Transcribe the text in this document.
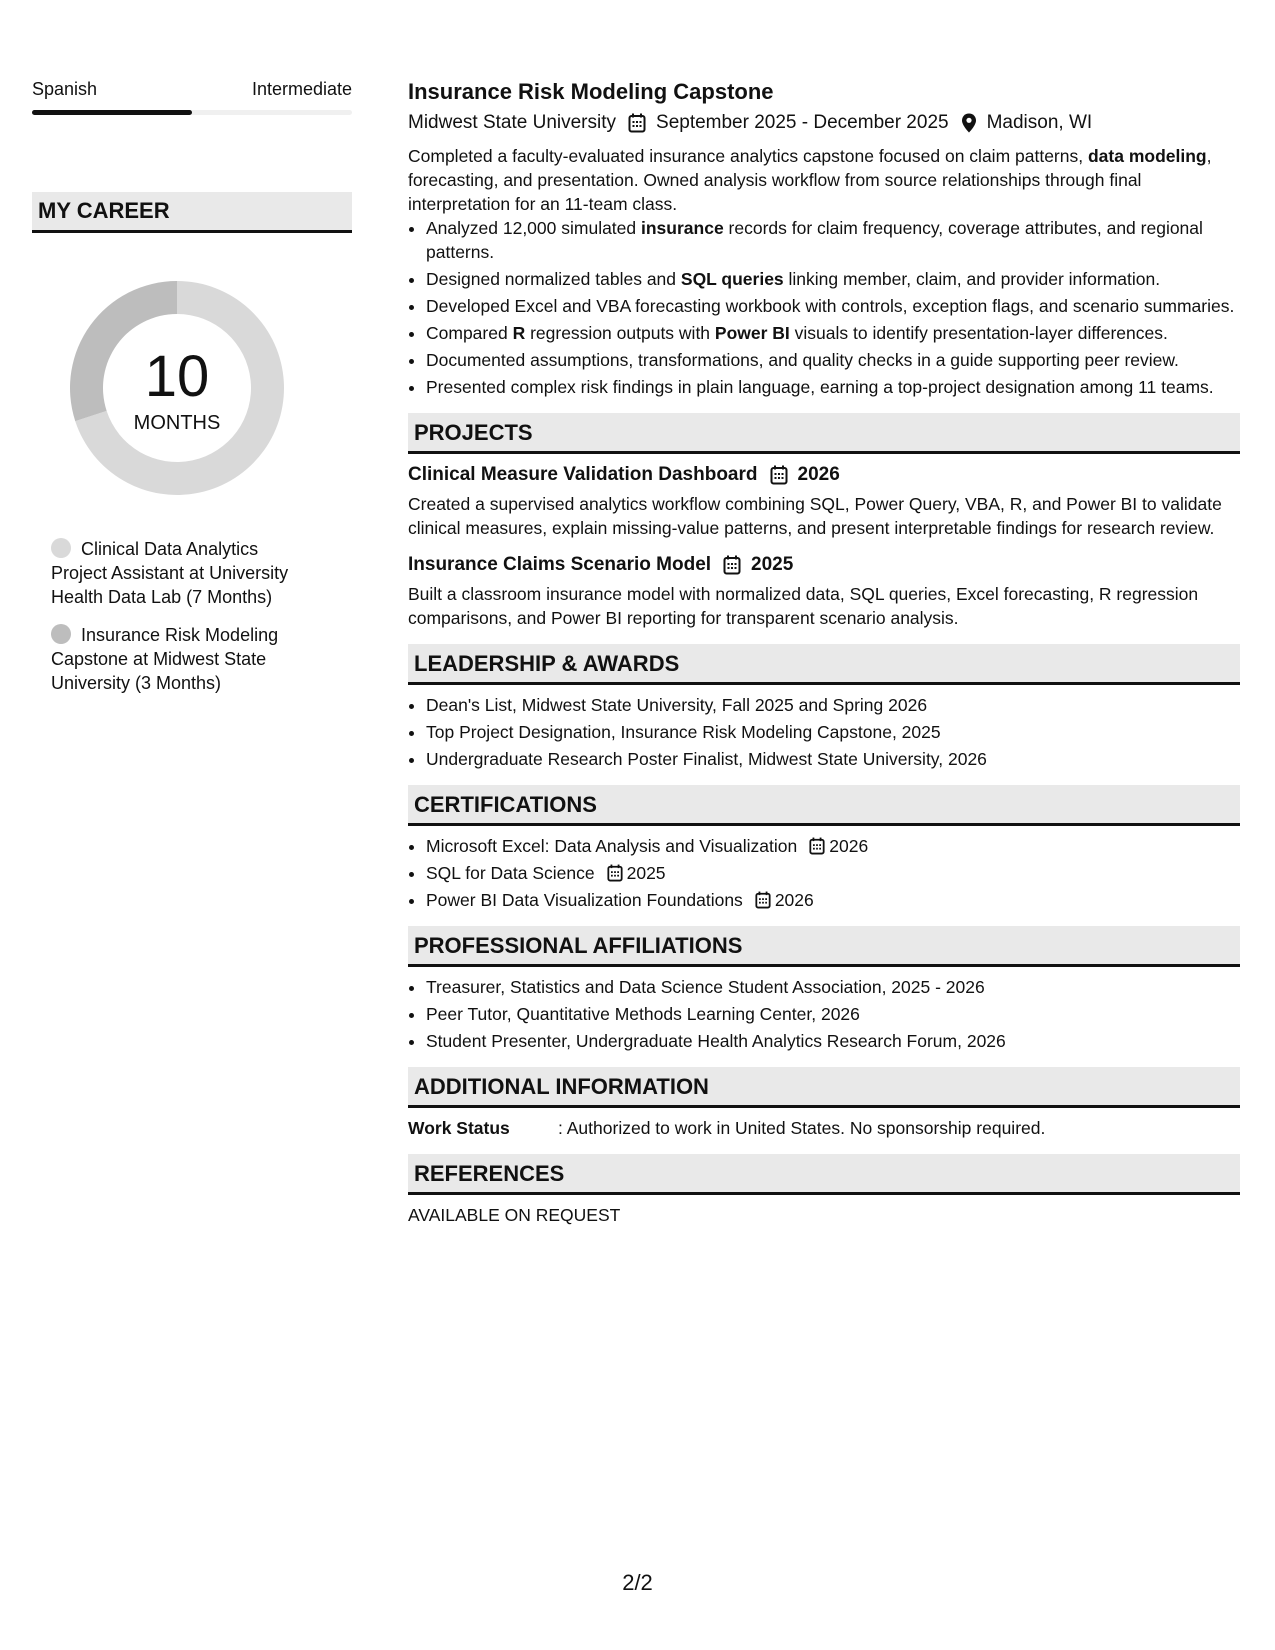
Spanish	Intermediate
MY CAREER
10
MONTHS
Clinical Data Analytics Project Assistant at University Health Data Lab (7 Months)
Insurance Risk Modeling Capstone at Midwest State University (3 Months)
Insurance Risk Modeling Capstone
Midwest State University September 2025 - December 2025 Madison, WI
Completed a faculty-evaluated insurance analytics capstone focused on claim patterns, data modeling, forecasting, and presentation. Owned analysis workflow from source relationships through final interpretation for an 11-team class.
• Analyzed 12,000 simulated insurance records for claim frequency, coverage attributes, and regional patterns.
• Designed normalized tables and SQL queries linking member, claim, and provider information.
• Developed Excel and VBA forecasting workbook with controls, exception flags, and scenario summaries.
• Compared R regression outputs with Power BI visuals to identify presentation-layer differences.
• Documented assumptions, transformations, and quality checks in a guide supporting peer review.
• Presented complex risk findings in plain language, earning a top-project designation among 11 teams.
PROJECTS
Clinical Measure Validation Dashboard 2026
Created a supervised analytics workflow combining SQL, Power Query, VBA, R, and Power BI to validate clinical measures, explain missing-value patterns, and present interpretable findings for research review.
Insurance Claims Scenario Model 2025
Built a classroom insurance model with normalized data, SQL queries, Excel forecasting, R regression comparisons, and Power BI reporting for transparent scenario analysis.
LEADERSHIP & AWARDS
• Dean's List, Midwest State University, Fall 2025 and Spring 2026
• Top Project Designation, Insurance Risk Modeling Capstone, 2025
• Undergraduate Research Poster Finalist, Midwest State University, 2026
CERTIFICATIONS
• Microsoft Excel: Data Analysis and Visualization 2026
• SQL for Data Science 2025
• Power BI Data Visualization Foundations 2026
PROFESSIONAL AFFILIATIONS
• Treasurer, Statistics and Data Science Student Association, 2025 - 2026
• Peer Tutor, Quantitative Methods Learning Center, 2026
• Student Presenter, Undergraduate Health Analytics Research Forum, 2026
ADDITIONAL INFORMATION
Work Status	: Authorized to work in United States. No sponsorship required.
REFERENCES
AVAILABLE ON REQUEST
2/2
